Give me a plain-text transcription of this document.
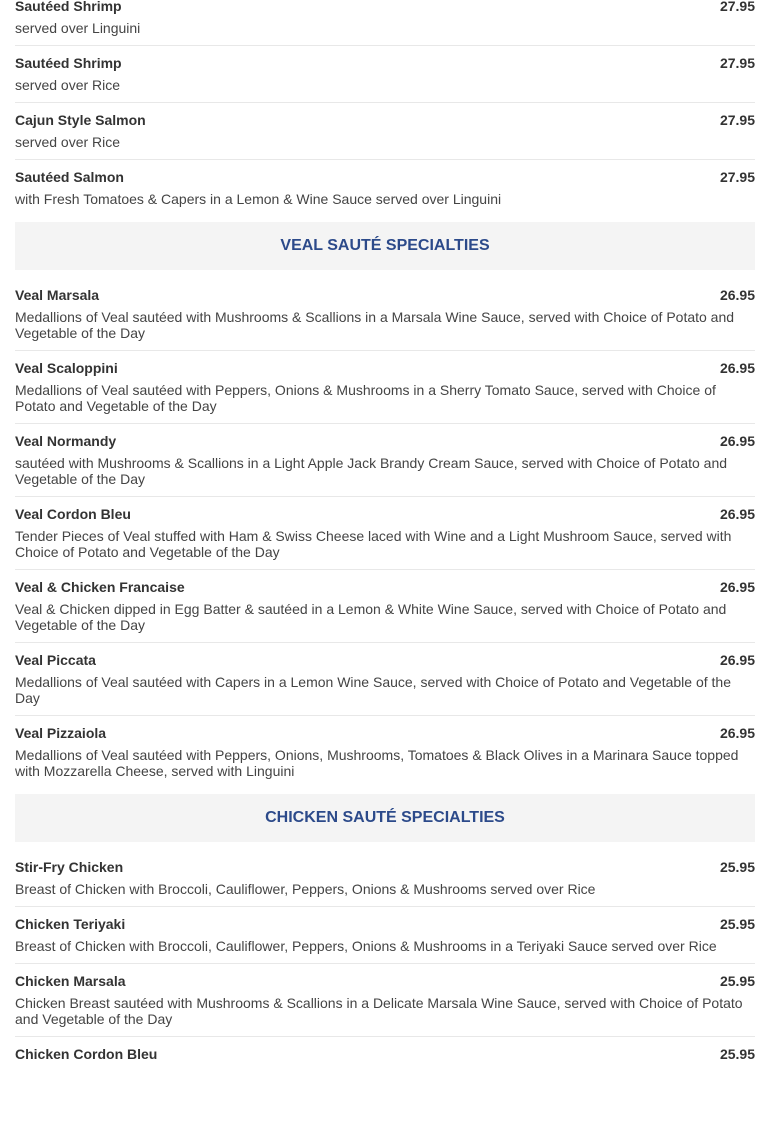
Sautéed Shrimp	27.95
served over Linguini
Sautéed Shrimp	27.95
served over Rice
Cajun Style Salmon	27.95
served over Rice
Sautéed Salmon	27.95
with Fresh Tomatoes & Capers in a Lemon & Wine Sauce served over Linguini
VEAL SAUTÉ SPECIALTIES
Veal Marsala	26.95
Medallions of Veal sautéed with Mushrooms & Scallions in a Marsala Wine Sauce, served with Choice of Potato and Vegetable of the Day
Veal Scaloppini	26.95
Medallions of Veal sautéed with Peppers, Onions & Mushrooms in a Sherry Tomato Sauce, served with Choice of Potato and Vegetable of the Day
Veal Normandy	26.95
sautéed with Mushrooms & Scallions in a Light Apple Jack Brandy Cream Sauce, served with Choice of Potato and Vegetable of the Day
Veal Cordon Bleu	26.95
Tender Pieces of Veal stuffed with Ham & Swiss Cheese laced with Wine and a Light Mushroom Sauce, served with Choice of Potato and Vegetable of the Day
Veal & Chicken Francaise	26.95
Veal & Chicken dipped in Egg Batter & sautéed in a Lemon & White Wine Sauce, served with Choice of Potato and Vegetable of the Day
Veal Piccata	26.95
Medallions of Veal sautéed with Capers in a Lemon Wine Sauce, served with Choice of Potato and Vegetable of the Day
Veal Pizzaiola	26.95
Medallions of Veal sautéed with Peppers, Onions, Mushrooms, Tomatoes & Black Olives in a Marinara Sauce topped with Mozzarella Cheese, served with Linguini
CHICKEN SAUTÉ SPECIALTIES
Stir-Fry Chicken	25.95
Breast of Chicken with Broccoli, Cauliflower, Peppers, Onions & Mushrooms served over Rice
Chicken Teriyaki	25.95
Breast of Chicken with Broccoli, Cauliflower, Peppers, Onions & Mushrooms in a Teriyaki Sauce served over Rice
Chicken Marsala	25.95
Chicken Breast sautéed with Mushrooms & Scallions in a Delicate Marsala Wine Sauce, served with Choice of Potato and Vegetable of the Day
Chicken Cordon Bleu	25.95
